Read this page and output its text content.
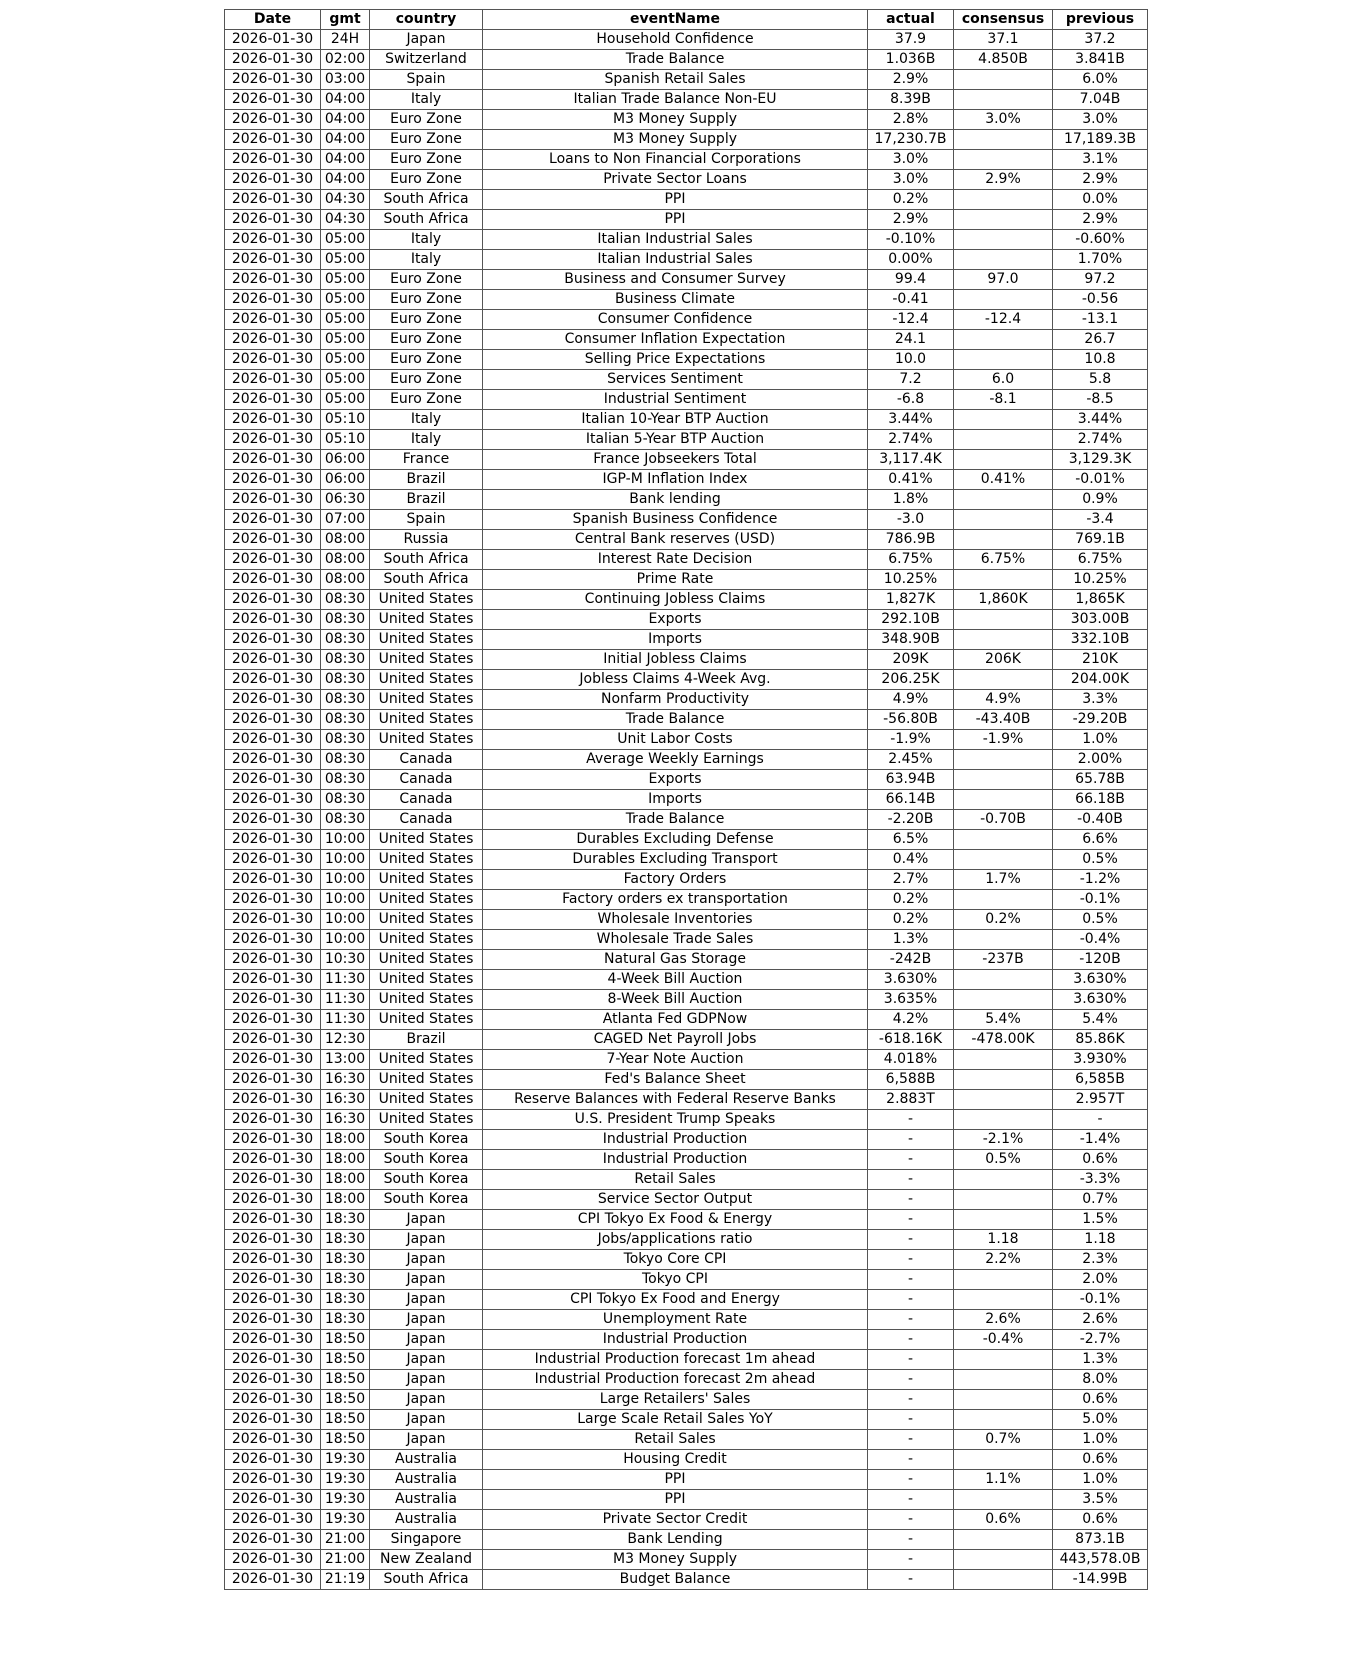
Date	gmt	country	eventName	actual	consensus	previous
2026-01-30	24H	Japan	Household Confidence	37.9	37.1	37.2
2026-01-30	02:00	Switzerland	Trade Balance	1.036B	4.850B	3.841B
2026-01-30	03:00	Spain	Spanish Retail Sales	2.9%		6.0%
2026-01-30	04:00	Italy	Italian Trade Balance Non-EU	8.39B		7.04B
2026-01-30	04:00	Euro Zone	M3 Money Supply	2.8%	3.0%	3.0%
2026-01-30	04:00	Euro Zone	M3 Money Supply	17,230.7B		17,189.3B
2026-01-30	04:00	Euro Zone	Loans to Non Financial Corporations	3.0%		3.1%
2026-01-30	04:00	Euro Zone	Private Sector Loans	3.0%	2.9%	2.9%
2026-01-30	04:30	South Africa	PPI	0.2%		0.0%
2026-01-30	04:30	South Africa	PPI	2.9%		2.9%
2026-01-30	05:00	Italy	Italian Industrial Sales	-0.10%		-0.60%
2026-01-30	05:00	Italy	Italian Industrial Sales	0.00%		1.70%
2026-01-30	05:00	Euro Zone	Business and Consumer Survey	99.4	97.0	97.2
2026-01-30	05:00	Euro Zone	Business Climate	-0.41		-0.56
2026-01-30	05:00	Euro Zone	Consumer Confidence	-12.4	-12.4	-13.1
2026-01-30	05:00	Euro Zone	Consumer Inflation Expectation	24.1		26.7
2026-01-30	05:00	Euro Zone	Selling Price Expectations	10.0		10.8
2026-01-30	05:00	Euro Zone	Services Sentiment	7.2	6.0	5.8
2026-01-30	05:00	Euro Zone	Industrial Sentiment	-6.8	-8.1	-8.5
2026-01-30	05:10	Italy	Italian 10-Year BTP Auction	3.44%		3.44%
2026-01-30	05:10	Italy	Italian 5-Year BTP Auction	2.74%		2.74%
2026-01-30	06:00	France	France Jobseekers Total	3,117.4K		3,129.3K
2026-01-30	06:00	Brazil	IGP-M Inflation Index	0.41%	0.41%	-0.01%
2026-01-30	06:30	Brazil	Bank lending	1.8%		0.9%
2026-01-30	07:00	Spain	Spanish Business Confidence	-3.0		-3.4
2026-01-30	08:00	Russia	Central Bank reserves (USD)	786.9B		769.1B
2026-01-30	08:00	South Africa	Interest Rate Decision	6.75%	6.75%	6.75%
2026-01-30	08:00	South Africa	Prime Rate	10.25%		10.25%
2026-01-30	08:30	United States	Continuing Jobless Claims	1,827K	1,860K	1,865K
2026-01-30	08:30	United States	Exports	292.10B		303.00B
2026-01-30	08:30	United States	Imports	348.90B		332.10B
2026-01-30	08:30	United States	Initial Jobless Claims	209K	206K	210K
2026-01-30	08:30	United States	Jobless Claims 4-Week Avg.	206.25K		204.00K
2026-01-30	08:30	United States	Nonfarm Productivity	4.9%	4.9%	3.3%
2026-01-30	08:30	United States	Trade Balance	-56.80B	-43.40B	-29.20B
2026-01-30	08:30	United States	Unit Labor Costs	-1.9%	-1.9%	1.0%
2026-01-30	08:30	Canada	Average Weekly Earnings	2.45%		2.00%
2026-01-30	08:30	Canada	Exports	63.94B		65.78B
2026-01-30	08:30	Canada	Imports	66.14B		66.18B
2026-01-30	08:30	Canada	Trade Balance	-2.20B	-0.70B	-0.40B
2026-01-30	10:00	United States	Durables Excluding Defense	6.5%		6.6%
2026-01-30	10:00	United States	Durables Excluding Transport	0.4%		0.5%
2026-01-30	10:00	United States	Factory Orders	2.7%	1.7%	-1.2%
2026-01-30	10:00	United States	Factory orders ex transportation	0.2%		-0.1%
2026-01-30	10:00	United States	Wholesale Inventories	0.2%	0.2%	0.5%
2026-01-30	10:00	United States	Wholesale Trade Sales	1.3%		-0.4%
2026-01-30	10:30	United States	Natural Gas Storage	-242B	-237B	-120B
2026-01-30	11:30	United States	4-Week Bill Auction	3.630%		3.630%
2026-01-30	11:30	United States	8-Week Bill Auction	3.635%		3.630%
2026-01-30	11:30	United States	Atlanta Fed GDPNow	4.2%	5.4%	5.4%
2026-01-30	12:30	Brazil	CAGED Net Payroll Jobs	-618.16K	-478.00K	85.86K
2026-01-30	13:00	United States	7-Year Note Auction	4.018%		3.930%
2026-01-30	16:30	United States	Fed's Balance Sheet	6,588B		6,585B
2026-01-30	16:30	United States	Reserve Balances with Federal Reserve Banks	2.883T		2.957T
2026-01-30	16:30	United States	U.S. President Trump Speaks	-		-
2026-01-30	18:00	South Korea	Industrial Production	-	-2.1%	-1.4%
2026-01-30	18:00	South Korea	Industrial Production	-	0.5%	0.6%
2026-01-30	18:00	South Korea	Retail Sales	-		-3.3%
2026-01-30	18:00	South Korea	Service Sector Output	-		0.7%
2026-01-30	18:30	Japan	CPI Tokyo Ex Food & Energy	-		1.5%
2026-01-30	18:30	Japan	Jobs/applications ratio	-	1.18	1.18
2026-01-30	18:30	Japan	Tokyo Core CPI	-	2.2%	2.3%
2026-01-30	18:30	Japan	Tokyo CPI	-		2.0%
2026-01-30	18:30	Japan	CPI Tokyo Ex Food and Energy	-		-0.1%
2026-01-30	18:30	Japan	Unemployment Rate	-	2.6%	2.6%
2026-01-30	18:50	Japan	Industrial Production	-	-0.4%	-2.7%
2026-01-30	18:50	Japan	Industrial Production forecast 1m ahead	-		1.3%
2026-01-30	18:50	Japan	Industrial Production forecast 2m ahead	-		8.0%
2026-01-30	18:50	Japan	Large Retailers' Sales	-		0.6%
2026-01-30	18:50	Japan	Large Scale Retail Sales YoY	-		5.0%
2026-01-30	18:50	Japan	Retail Sales	-	0.7%	1.0%
2026-01-30	19:30	Australia	Housing Credit	-		0.6%
2026-01-30	19:30	Australia	PPI	-	1.1%	1.0%
2026-01-30	19:30	Australia	PPI	-		3.5%
2026-01-30	19:30	Australia	Private Sector Credit	-	0.6%	0.6%
2026-01-30	21:00	Singapore	Bank Lending	-		873.1B
2026-01-30	21:00	New Zealand	M3 Money Supply	-		443,578.0B
2026-01-30	21:19	South Africa	Budget Balance	-		-14.99B
